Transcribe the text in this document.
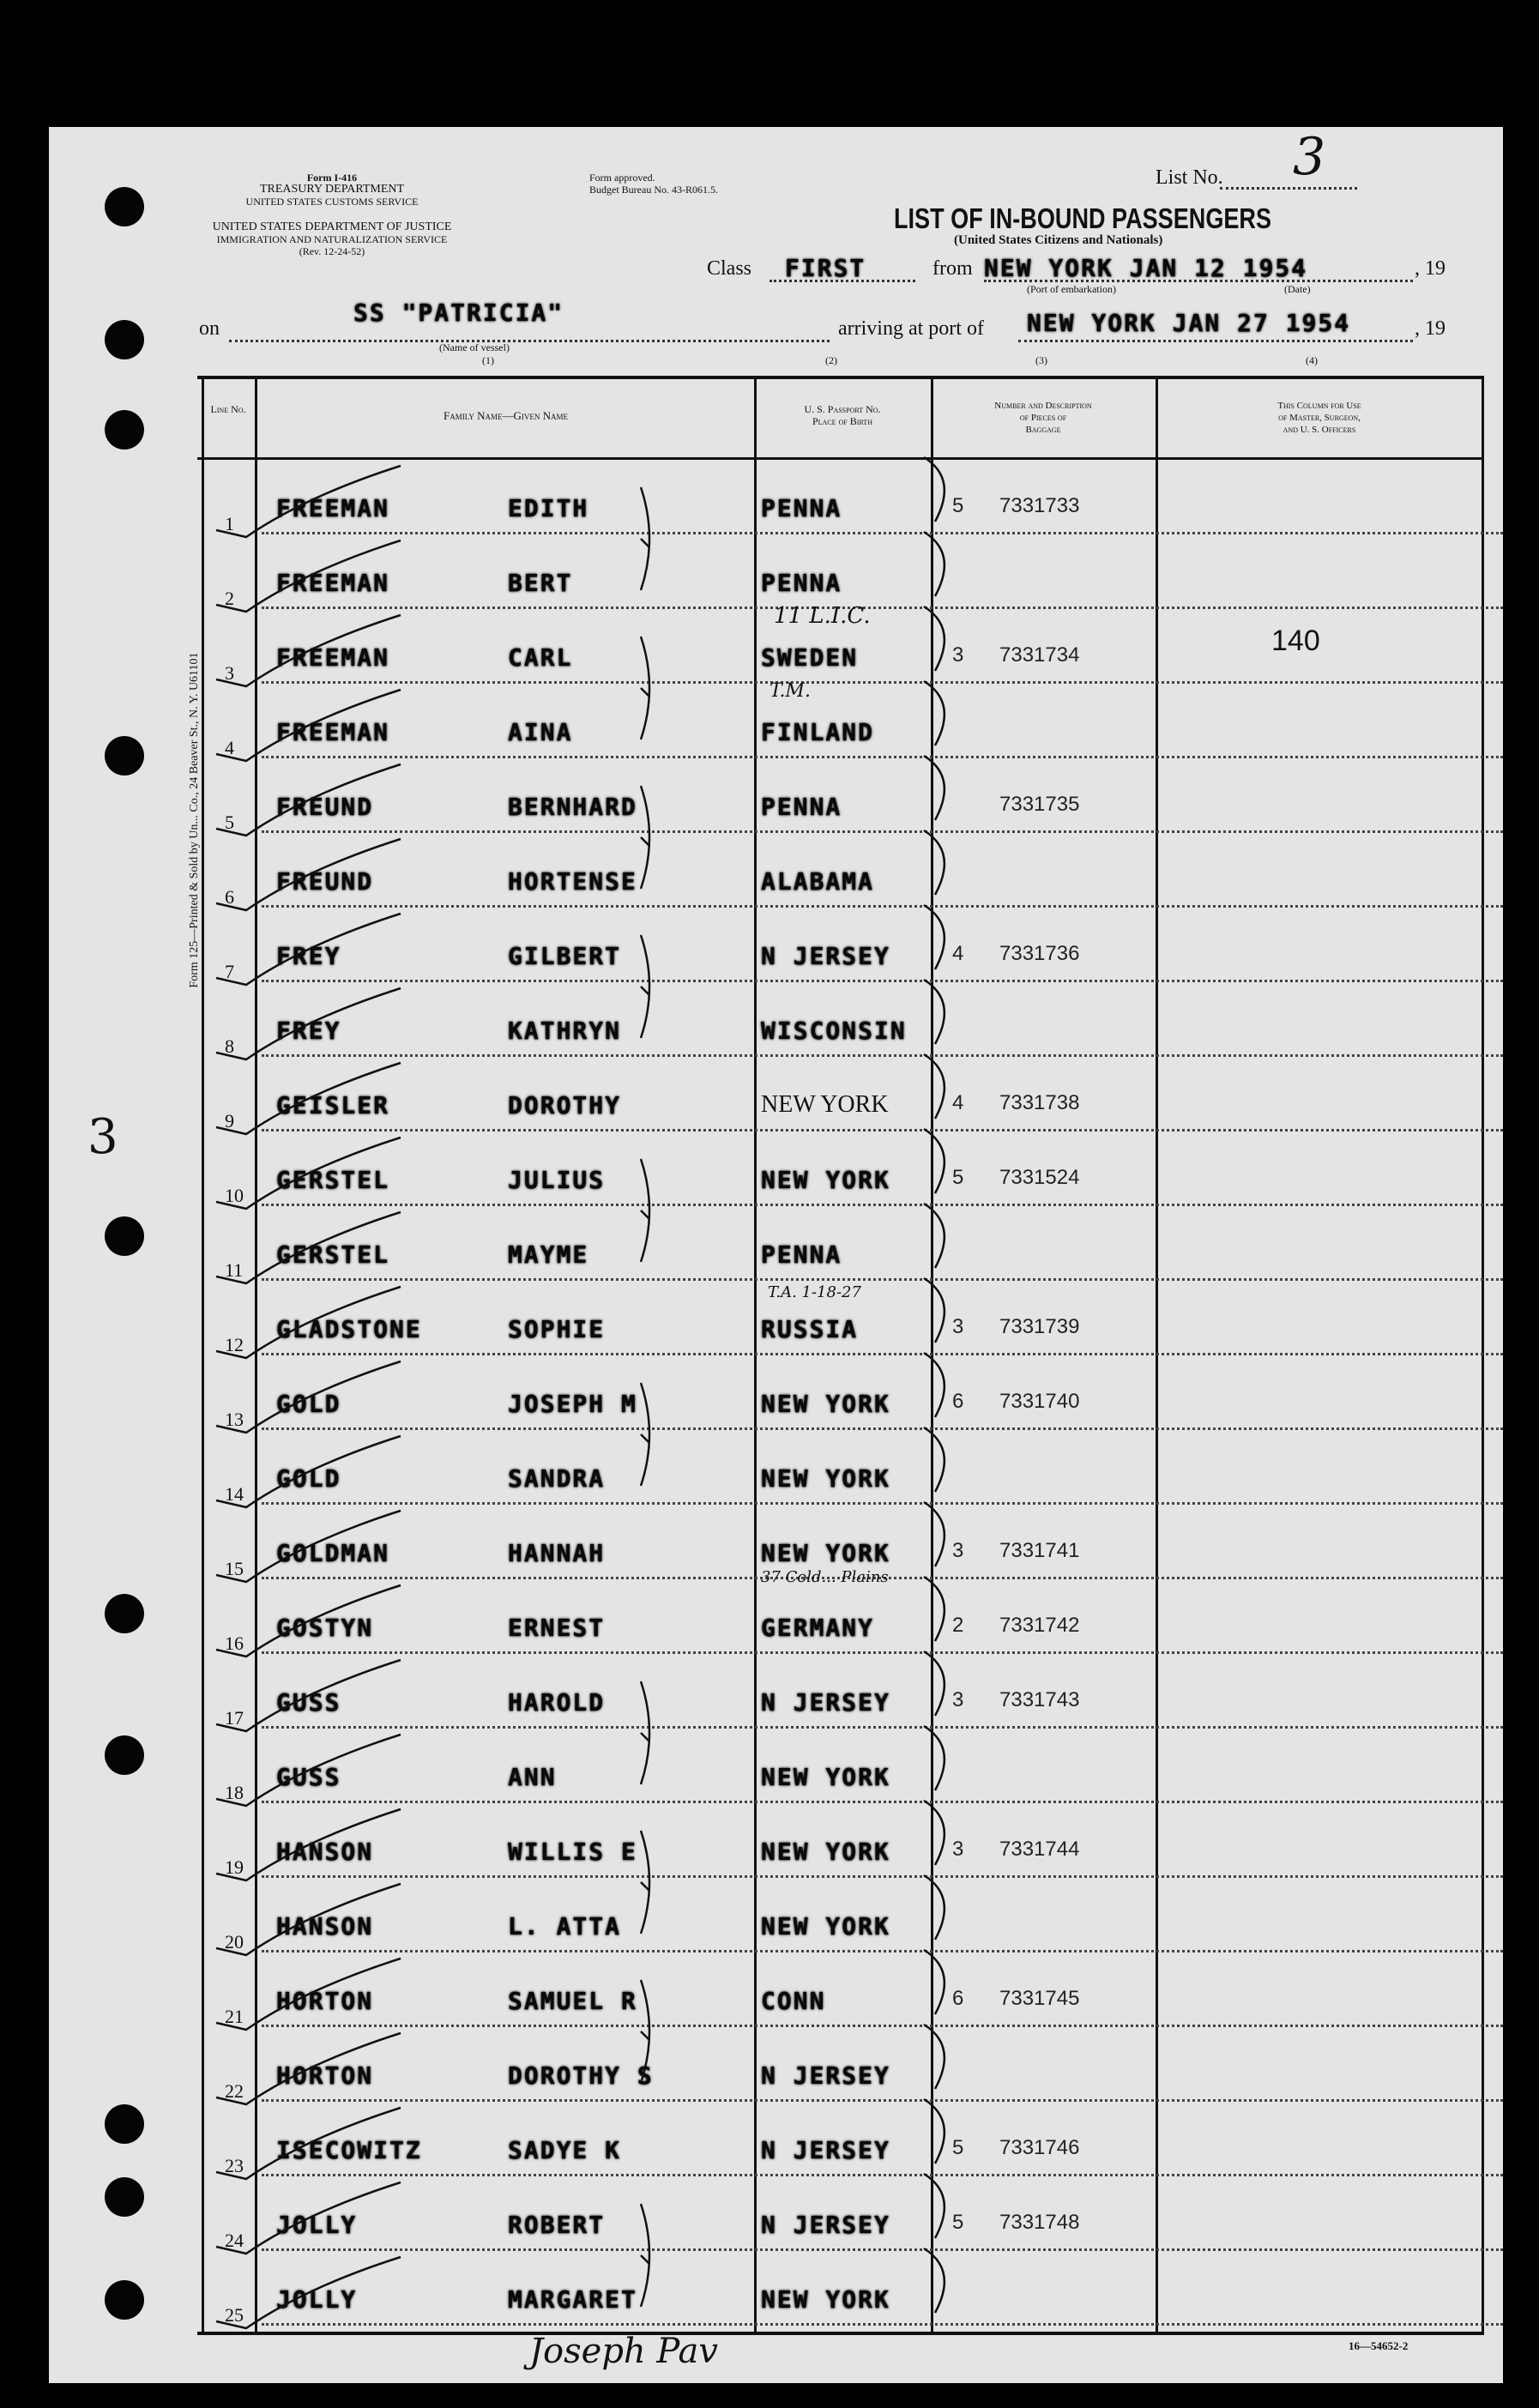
Form 125—Printed & Sold by Un... Co., 24 Beaver St., N. Y. U61101
3
Form I-416
TREASURY DEPARTMENT
UNITED STATES CUSTOMS SERVICE
UNITED STATES DEPARTMENT OF JUSTICE
IMMIGRATION AND NATURALIZATION SERVICE
(Rev. 12-24-52)
Form approved.
Budget Bureau No. 43-R061.5.
List No. 3
LIST OF IN-BOUND PASSENGERS
(United States Citizens and Nationals)
Class FIRST	from NEW YORK JAN 12 1954	, 19
(Port of embarkation)	(Date)
on
SS "PATRICIA"
(Name of vessel)
(1)
arriving at port of NEW YORK JAN 27 1954	, 19
(2)	(3)	(4)
Line No.	Family Name—Given Name	U. S. Passport No.
Place of Birth
Number and Description
of Pieces of
Baggage
This Column for Use
of Master, Surgeon,
and U. S. Officers
1
FREEMAN	EDITH	PENNA	5 7331733
2
FREEMAN	BERT	PENNA
3
FREEMAN	CARL	SWEDEN	3 7331734
4
FREEMAN	AINA	FINLAND
5
FREUND	BERNHARD	PENNA	7331735
6
FREUND	HORTENSE	ALABAMA
7
FREY	GILBERT	N JERSEY	4 7331736
8
FREY	KATHRYN	WISCONSIN
9
GEISLER	DOROTHY	NEW YORK	4 7331738
10
GERSTEL	JULIUS	NEW YORK	5 7331524
11
GERSTEL	MAYME	PENNA
12
GLADSTONE	SOPHIE	RUSSIA	3 7331739
13
GOLD	JOSEPH M	NEW YORK	6 7331740
14
GOLD	SANDRA	NEW YORK
15
GOLDMAN	HANNAH	NEW YORK	3 7331741
16
GOSTYN	ERNEST	GERMANY	2 7331742
17
GUSS	HAROLD	N JERSEY	3 7331743
18
GUSS	ANN	NEW YORK
19
HANSON	WILLIS E	NEW YORK	3 7331744
20
HANSON	L. ATTA	NEW YORK
21
HORTON	SAMUEL R	CONN	6 7331745
22
HORTON	DOROTHY S	N JERSEY
23
ISECOWITZ	SADYE K	N JERSEY	5 7331746
24
JOLLY	ROBERT	N JERSEY	5 7331748
25
JOLLY	MARGARET	NEW YORK
140
11 L.I.C.
T.M.
T.A. 1-18-27
37 Cold... Plains
Joseph Pav	16—54652-2
